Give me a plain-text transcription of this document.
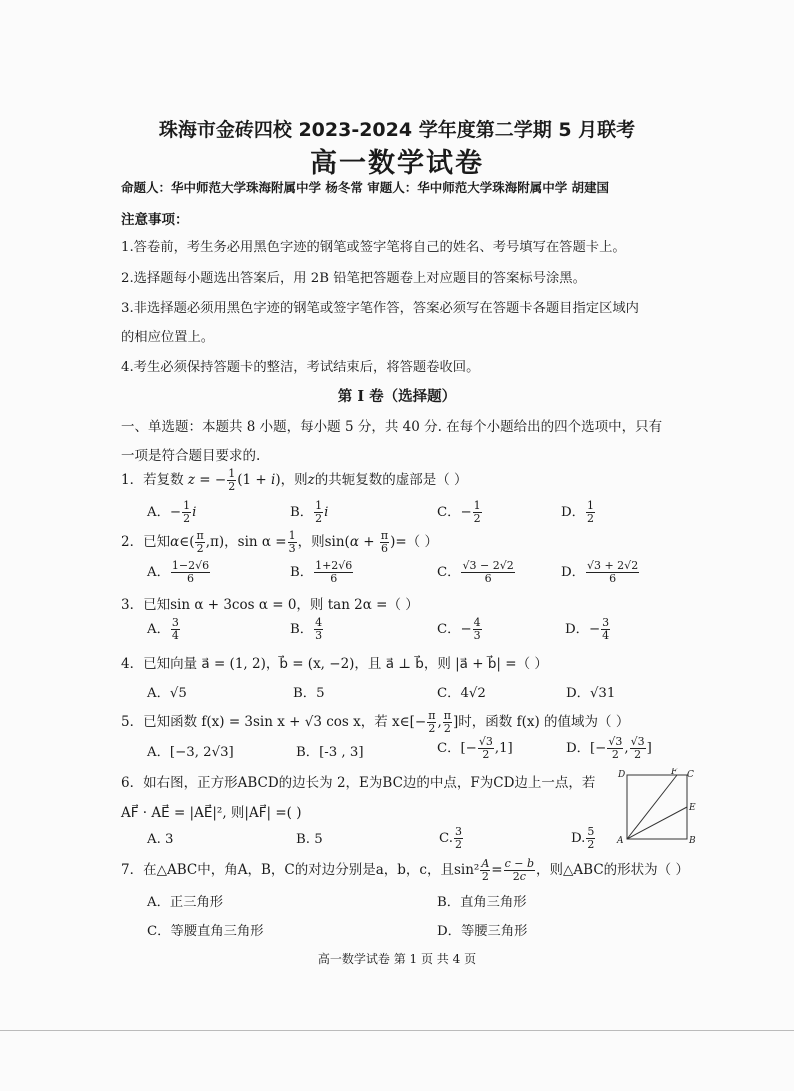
珠海市金砖四校 2023-2024 学年度第二学期 5 月联考
高一数学试卷
命题人：华中师范大学珠海附属中学 杨冬常 审题人：华中师范大学珠海附属中学 胡建国
注意事项：
1.答卷前，考生务必用黑色字迹的钢笔或签字笔将自己的姓名、考号填写在答题卡上。
2.选择题每小题选出答案后，用 2B 铅笔把答题卷上对应题目的答案标号涂黑。
3.非选择题必须用黑色字迹的钢笔或签字笔作答，答案必须写在答题卡各题目指定区域内
的相应位置上。
4.考生必须保持答题卡的整洁，考试结束后，将答题卷收回。
第 I 卷（选择题）
一、单选题：本题共 8 小题，每小题 5 分，共 40 分. 在每个小题给出的四个选项中，只有
一项是符合题目要求的.
1．若复数 z = − $\frac{1}{2} (1 + i)$，则z的共轭复数的虚部是（ ）
A．− $\frac{1}{2}$ i	B． $\frac{1}{2}$ i	C．− $\frac{1}{2}$	D． $\frac{1}{2}$
2．已知α∈( $\frac{\pi}{2} ,\pi$)，$\sin \alpha = \frac{1}{3}$ ，则$\sin(\alpha + \frac{\pi}{6}$ )=（ ）
A． $\frac{1-2√6}{6}$	B． $\frac{1+2√6}{6}$	C． $\frac{√3 - 2√2}{6}$	D． $\frac{√3 + 2√2}{6}$
3．已知sin α + 3cos α = 0，则 tan 2α =（ ）
A． $\frac{3}{4}$	B． $\frac{4}{3}$	C．− $\frac{4}{3}$	D．− $\frac{3}{4}$
4．已知向量 a⃗ = (1, 2)，b⃗ = (x, −2)，且 a⃗ ⊥ b⃗，则 |a⃗ + b⃗| =（ ）
A．√5	B．5	C．4√2	D．√31
5．已知函数 f(x) = 3sin x + √3 cos x，若 x∈[− $\frac{\pi}{2}$ , $\frac{\pi}{2}$ ]时，函数 f(x) 的值域为（ ）
A．[−3, 2√3]	B．[-3 , 3]	C．[− $\frac{√3}{2} ,1$]	D．[− $\frac{√3}{2}$ , $\frac{√3}{2}$ ]
6．如右图，正方形ABCD的边长为 2，E为BC边的中点，F为CD边上一点，若
AF⃗ · AE⃗ = |AE⃗|², 则|AF⃗| =( )
A. 3	B. 5	C. $\frac{3}{2}$	D. $\frac{5}{2}$ A	B
C
D
E
F
7．在△ABC中，角A，B，C的对边分别是a，b，c，且$\sin^2 \frac{A}{2} = \frac{c - b}{2c}$ ，则△ABC的形状为（ ）
A．正三角形	B．直角三角形
C．等腰直角三角形	D．等腰三角形
高一数学试卷 第 1 页 共 4 页
